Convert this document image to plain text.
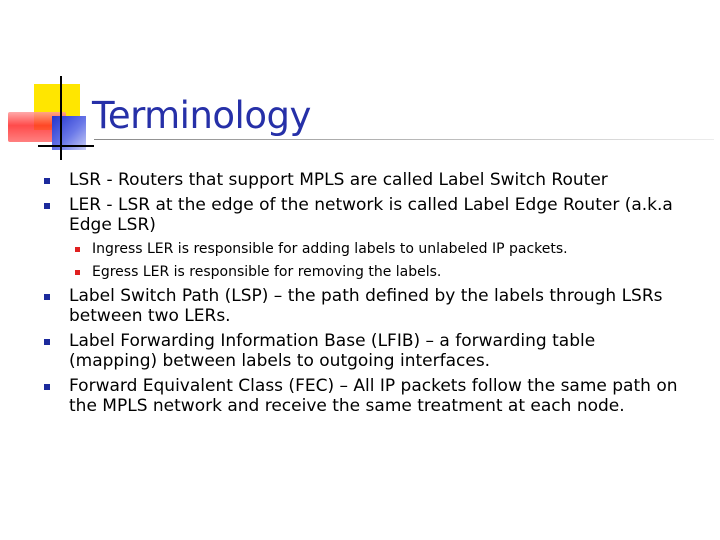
Terminology
LSR - Routers that support MPLS are called Label Switch Router
LER - LSR at the edge of the network is called Label Edge Router (a.k.a Edge LSR)
Ingress LER is responsible for adding labels to unlabeled IP packets.
Egress LER is responsible for removing the labels.
Label Switch Path (LSP) – the path defined by the labels through LSRs between two LERs.
Label Forwarding Information Base (LFIB) – a forwarding table (mapping) between labels to outgoing interfaces.
Forward Equivalent Class (FEC) – All IP packets follow the same path on the MPLS network and receive the same treatment at each node.
